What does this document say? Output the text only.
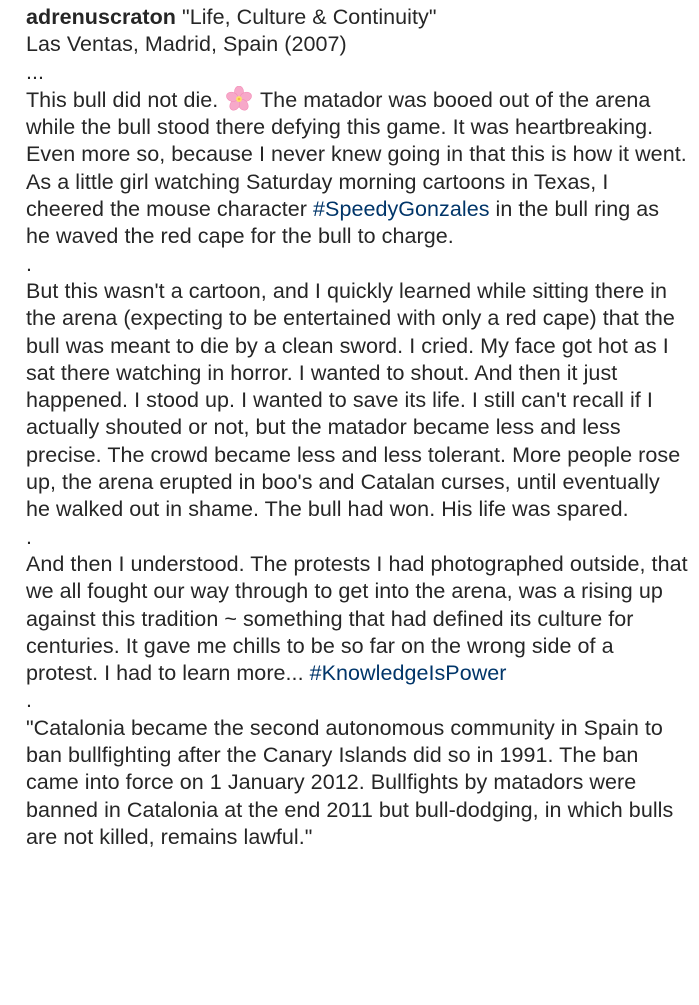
adrenuscraton "Life, Culture & Continuity"

Las Ventas, Madrid, Spain (2007)

...

This bull did not die. The matador was booed out of the arena while the bull stood there defying this game. It was heartbreaking. Even more so, because I never knew going in that this is how it went. As a little girl watching Saturday morning cartoons in Texas, I cheered the mouse character #SpeedyGonzales in the bull ring as he waved the red cape for the bull to charge.

.

But this wasn't a cartoon, and I quickly learned while sitting there in the arena (expecting to be entertained with only a red cape) that the bull was meant to die by a clean sword. I cried. My face got hot as I sat there watching in horror. I wanted to shout. And then it just happened. I stood up. I wanted to save its life. I still can't recall if I actually shouted or not, but the matador became less and less precise. The crowd became less and less tolerant. More people rose up, the arena erupted in boo's and Catalan curses, until eventually he walked out in shame. The bull had won. His life was spared.

.

And then I understood. The protests I had photographed outside, that we all fought our way through to get into the arena, was a rising up against this tradition ~ something that had defined its culture for centuries. It gave me chills to be so far on the wrong side of a protest. I had to learn more... #KnowledgeIsPower

.

"Catalonia became the second autonomous community in Spain to ban bullfighting after the Canary Islands did so in 1991. The ban came into force on 1 January 2012. Bullfights by matadors were banned in Catalonia at the end 2011 but bull-dodging, in which bulls are not killed, remains lawful."
